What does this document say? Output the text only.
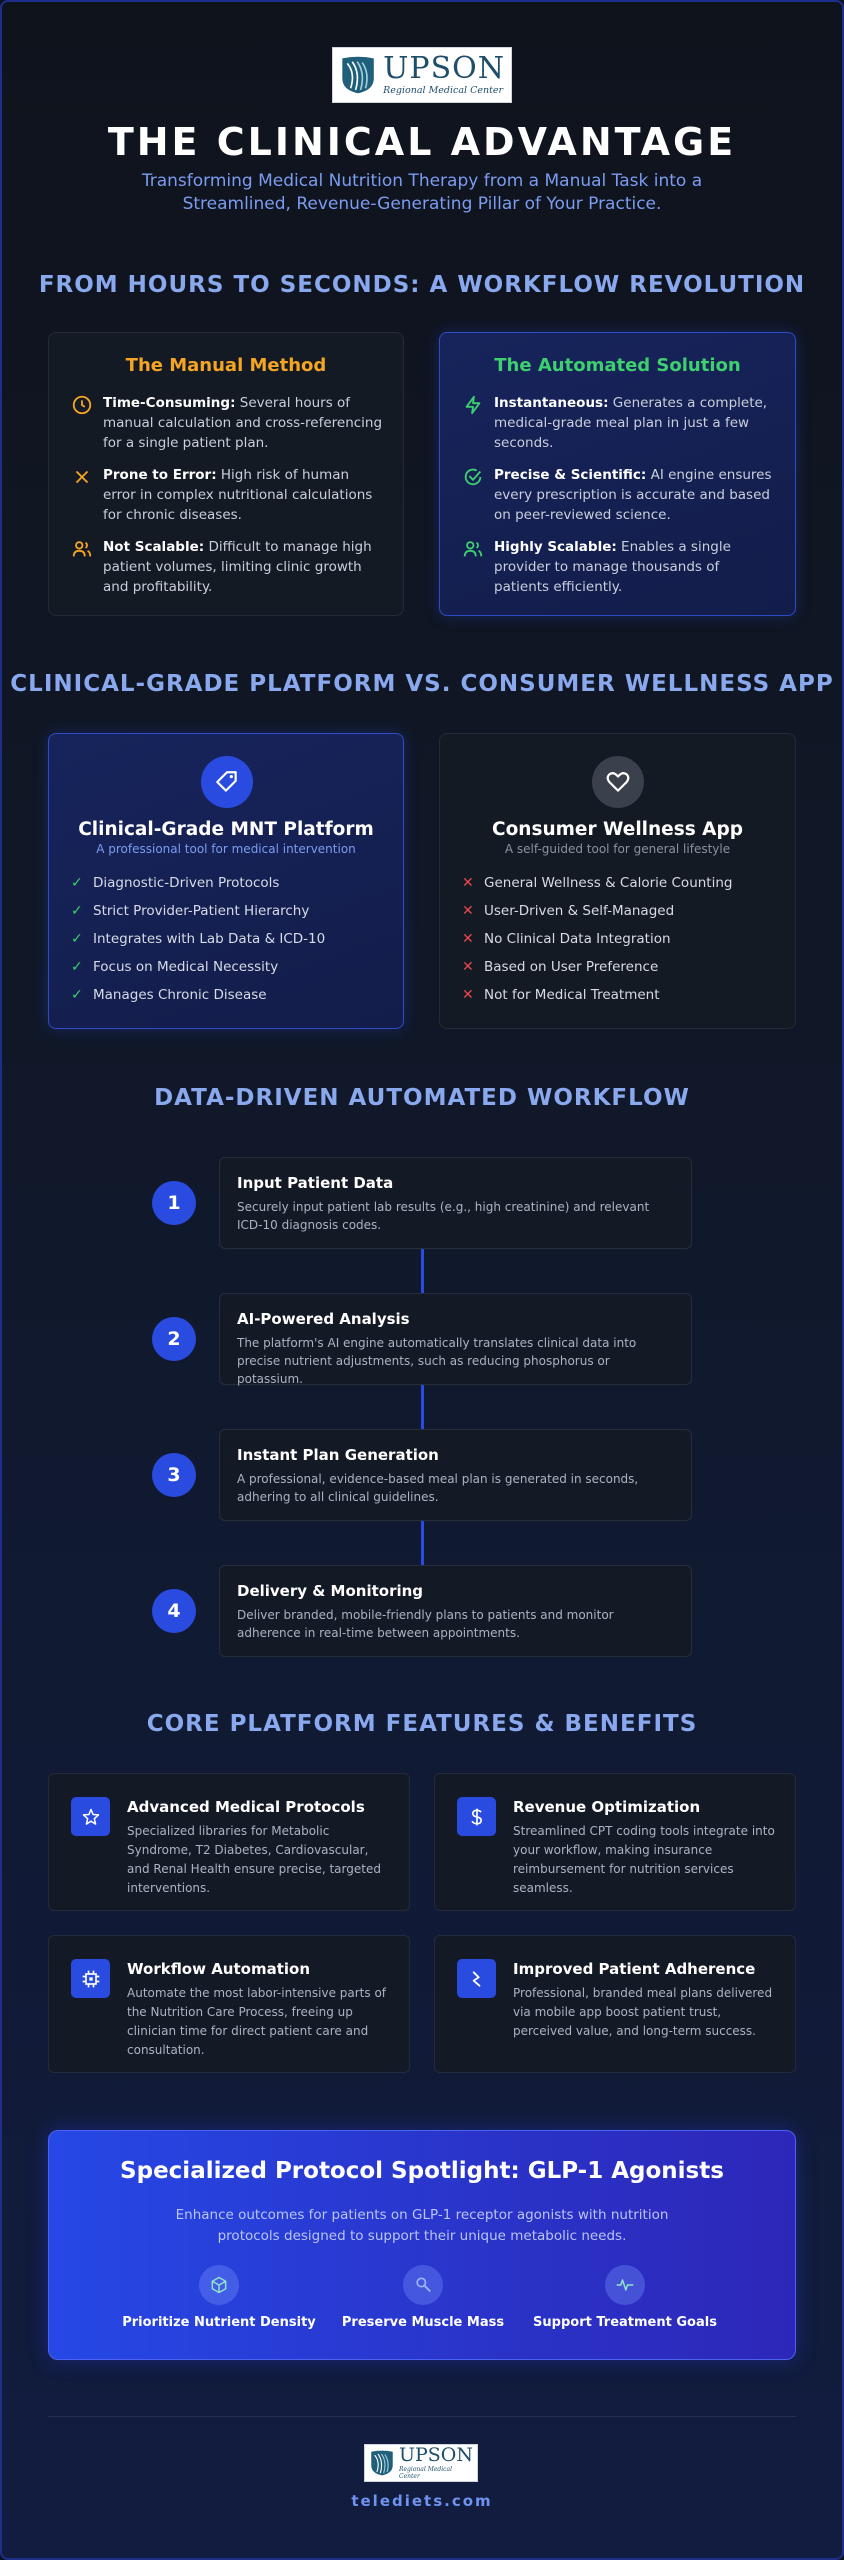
UPSON
Regional Medical Center
THE CLINICAL ADVANTAGE
Transforming Medical Nutrition Therapy from a Manual Task into a Streamlined, Revenue-Generating Pillar of Your Practice.
FROM HOURS TO SECONDS: A WORKFLOW REVOLUTION
The Manual Method
Time-Consuming: Several hours of manual calculation and cross-referencing for a single patient plan.
Prone to Error: High risk of human error in complex nutritional calculations for chronic diseases.
Not Scalable: Difficult to manage high patient volumes, limiting clinic growth and profitability.
The Automated Solution
Instantaneous: Generates a complete, medical-grade meal plan in just a few seconds.
Precise & Scientific: AI engine ensures every prescription is accurate and based on peer-reviewed science.
Highly Scalable: Enables a single provider to manage thousands of patients efficiently.
CLINICAL-GRADE PLATFORM VS. CONSUMER WELLNESS APP
Clinical-Grade MNT Platform
A professional tool for medical intervention
✓ Diagnostic-Driven Protocols
✓ Strict Provider-Patient Hierarchy
✓ Integrates with Lab Data & ICD-10
✓ Focus on Medical Necessity
✓ Manages Chronic Disease
Consumer Wellness App
A self-guided tool for general lifestyle
✕ General Wellness & Calorie Counting
✕ User-Driven & Self-Managed
✕ No Clinical Data Integration
✕ Based on User Preference
✕ Not for Medical Treatment
DATA-DRIVEN AUTOMATED WORKFLOW
1
Input Patient Data

Securely input patient lab results (e.g., high creatinine) and relevant ICD-10 diagnosis codes.

2
AI-Powered Analysis

The platform's AI engine automatically translates clinical data into precise nutrient adjustments, such as reducing phosphorus or potassium.

3
Instant Plan Generation

A professional, evidence-based meal plan is generated in seconds, adhering to all clinical guidelines.

4
Delivery & Monitoring

Deliver branded, mobile-friendly plans to patients and monitor adherence in real-time between appointments.

CORE PLATFORM FEATURES & BENEFITS
Advanced Medical Protocols

Specialized libraries for Metabolic Syndrome, T2 Diabetes, Cardiovascular, and Renal Health ensure precise, targeted interventions.

Revenue Optimization

Streamlined CPT coding tools integrate into your workflow, making insurance reimbursement for nutrition services seamless.

Workflow Automation

Automate the most labor-intensive parts of the Nutrition Care Process, freeing up clinician time for direct patient care and consultation.

Improved Patient Adherence

Professional, branded meal plans delivered via mobile app boost patient trust, perceived value, and long-term success.

Specialized Protocol Spotlight: GLP-1 Agonists

Enhance outcomes for patients on GLP-1 receptor agonists with nutrition protocols designed to support their unique metabolic needs.

Prioritize Nutrient Density	Preserve Muscle Mass	Support Treatment Goals
UPSON
Regional Medical Center
telediets.com
